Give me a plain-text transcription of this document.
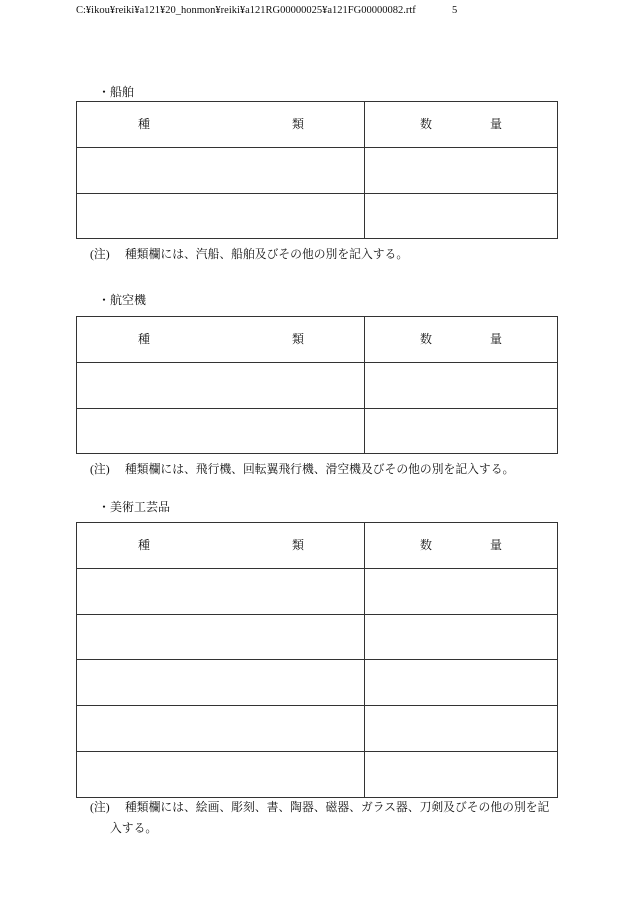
C:¥ikou¥reiki¥a121¥20_honmon¥reiki¥a121RG00000025¥a121FG00000082.rtf	5
・船舶
種 類	数 量

(注) 種類欄には、汽船、船舶及びその他の別を記入する。

・航空機
種 類	数 量

(注) 種類欄には、飛行機、回転翼飛行機、滑空機及びその他の別を記入する。

・美術工芸品
種 類	数 量

(注) 種類欄には、絵画、彫刻、書、陶器、磁器、ガラス器、刀剣及びその他の別を記入する。
